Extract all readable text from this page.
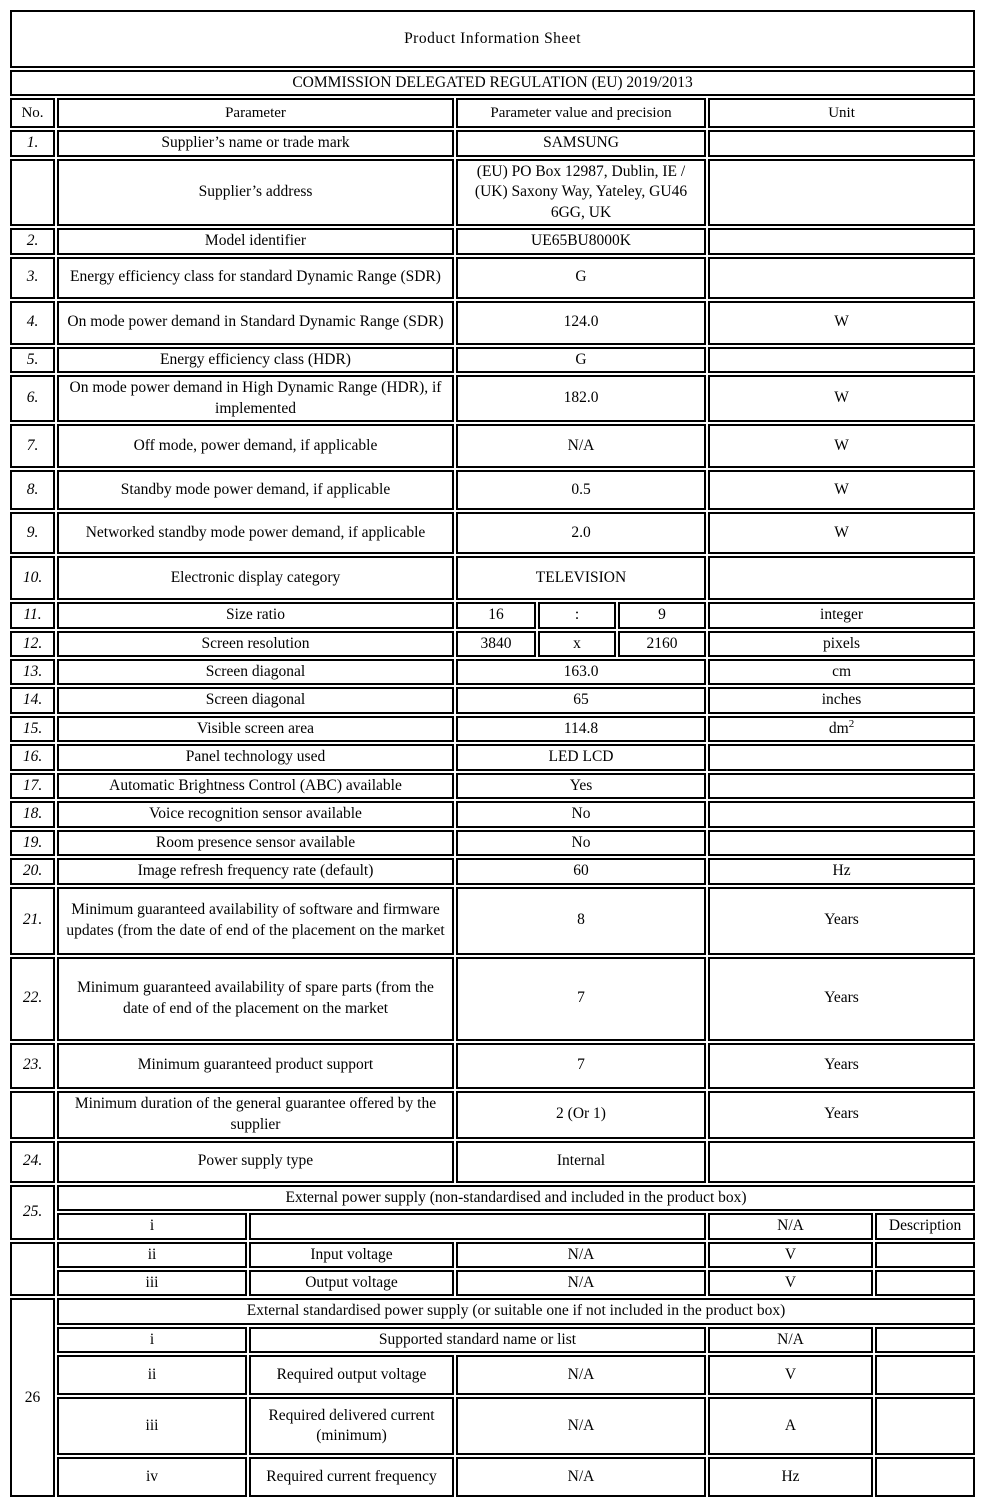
Product Information Sheet							
COMMISSION DELEGATED REGULATION (EU) 2019/2013							
No.	Parameter		Parameter value and precision			Unit	
1.	Supplier’s name or trade mark		SAMSUNG				
	Supplier’s address		(EU) PO Box 12987, Dublin, IE / (UK) Saxony Way, Yateley, GU46 6GG, UK				
2.	Model identifier		UE65BU8000K				
3.	Energy efficiency class for standard Dynamic Range (SDR)		G				
4.	On mode power demand in Standard Dynamic Range (SDR)		124.0			W	
5.	Energy efficiency class (HDR)		G				
6.	On mode power demand in High Dynamic Range (HDR), if implemented		182.0			W	
7.	Off mode, power demand, if applicable		N/A			W	
8.	Standby mode power demand, if applicable		0.5			W	
9.	Networked standby mode power demand, if applicable		2.0			W	
10.	Electronic display category		TELEVISION				
11.	Size ratio		16	:	9	integer	
12.	Screen resolution		3840	x	2160	pixels	
13.	Screen diagonal		163.0			cm	
14.	Screen diagonal		65			inches	
15.	Visible screen area		114.8			$dm^2$
16.	Panel technology used		LED LCD				
17.	Automatic Brightness Control (ABC) available		Yes				
18.	Voice recognition sensor available		No				
19.	Room presence sensor available		No				
20.	Image refresh frequency rate (default)		60			Hz	
21.	Minimum guaranteed availability of software and firmware updates (from the date of end of the placement on the market		8			Years	
22.	Minimum guaranteed availability of spare parts (from the date of end of the placement on the market		7			Years	
23.	Minimum guaranteed product support		7			Years	
	Minimum duration of the general guarantee offered by the supplier		2 (Or 1)			Years	
24.	Power supply type		Internal				
25.	External power supply (non-standardised and included in the product box)						
	i					N/A	Description
	ii	Input voltage	N/A			V	
	iii	Output voltage	N/A			V	
26	External standardised power supply (or suitable one if not included in the product box)						
	i	Supported standard name or list				N/A	
	ii	Required output voltage	N/A			V	
	iii	Required delivered current (minimum)	N/A			A	
	iv	Required current frequency	N/A			Hz	
